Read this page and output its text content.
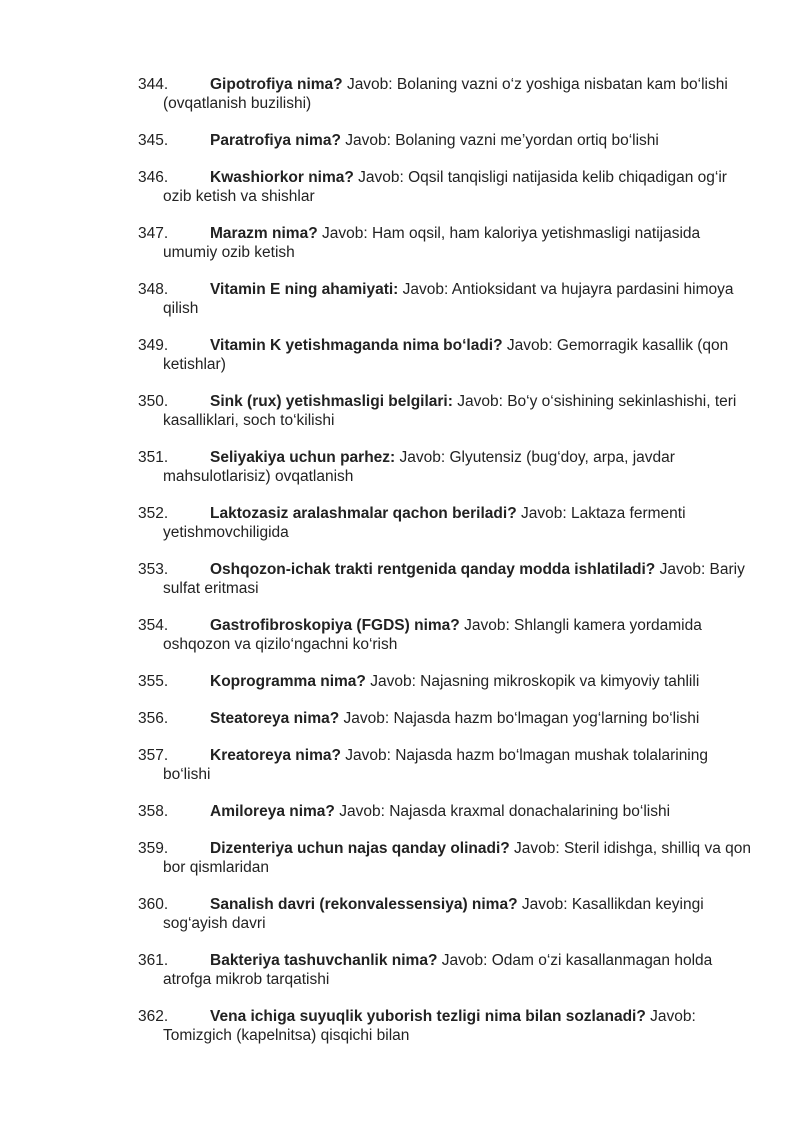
344.	Gipotrofiya nima? Javob: Bolaning vazni o‘z yoshiga nisbatan kam bo‘lishi (ovqatlanish buzilishi)
345.	Paratrofiya nima? Javob: Bolaning vazni me’yordan ortiq bo‘lishi
346.	Kwashiorkor nima? Javob: Oqsil tanqisligi natijasida kelib chiqadigan og‘ir ozib ketish va shishlar
347.	Marazm nima? Javob: Ham oqsil, ham kaloriya yetishmasligi natijasida umumiy ozib ketish
348.	Vitamin E ning ahamiyati: Javob: Antioksidant va hujayra pardasini himoya qilish
349.	Vitamin K yetishmaganda nima bo‘ladi? Javob: Gemorragik kasallik (qon ketishlar)
350.	Sink (rux) yetishmasligi belgilari: Javob: Bo‘y o‘sishining sekinlashishi, teri kasalliklari, soch to‘kilishi
351.	Seliyakiya uchun parhez: Javob: Glyutensiz (bug‘doy, arpa, javdar mahsulotlarisiz) ovqatlanish
352.	Laktozasiz aralashmalar qachon beriladi? Javob: Laktaza fermenti yetishmovchiligida
353.	Oshqozon-ichak trakti rentgenida qanday modda ishlatiladi? Javob: Bariy sulfat eritmasi
354.	Gastrofibroskopiya (FGDS) nima? Javob: Shlangli kamera yordamida oshqozon va qizilo‘ngachni ko‘rish
355.	Koprogramma nima? Javob: Najasning mikroskopik va kimyoviy tahlili
356.	Steatoreya nima? Javob: Najasda hazm bo‘lmagan yog‘larning bo‘lishi
357.	Kreatoreya nima? Javob: Najasda hazm bo‘lmagan mushak tolalarining bo‘lishi
358.	Amiloreya nima? Javob: Najasda kraxmal donachalarining bo‘lishi
359.	Dizenteriya uchun najas qanday olinadi? Javob: Steril idishga, shilliq va qon bor qismlaridan
360.	Sanalish davri (rekonvalessensiya) nima? Javob: Kasallikdan keyingi sog‘ayish davri
361.	Bakteriya tashuvchanlik nima? Javob: Odam o‘zi kasallanmagan holda atrofga mikrob tarqatishi
362.	Vena ichiga suyuqlik yuborish tezligi nima bilan sozlanadi? Javob: Tomizgich (kapelnitsa) qisqichi bilan
